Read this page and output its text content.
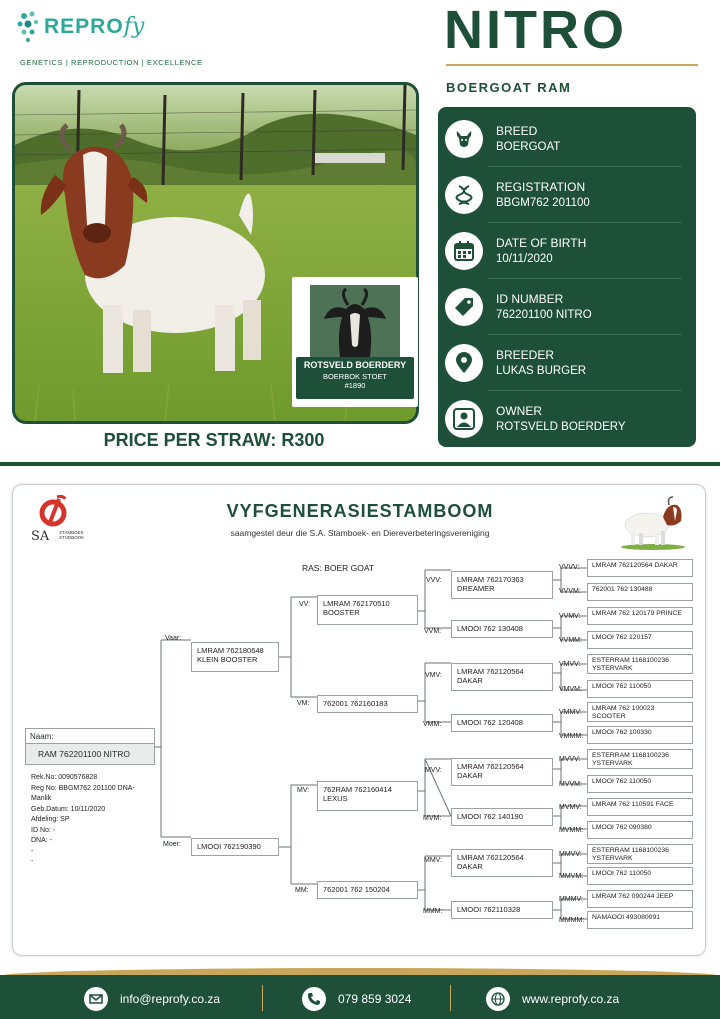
REPROfy
GENETICS | REPRODUCTION | EXCELLENCE
NITRO
BOERGOAT RAM
ROTSVELD BOERDERY
BOERBOK STOET
#1890
PRICE PER STRAW: R300
BREED
BOERGOAT
REGISTRATION
BBGM762 201100
DATE OF BIRTH
10/11/2020
ID NUMBER
762201100 NITRO
BREEDER
LUKAS BURGER
OWNER
ROTSVELD BOERDERY
SA STAMBOEK STUDBOOK
VYFGENERASIESTAMBOOM
saamgestel deur die S.A. Stamboek- en Diereverbeteringsvereniging
RAS: BOER GOAT
Naam:
RAM 762201100 NITRO
Rek.No: 0090576828
Reg No: BBGM762 201100 DNA-
Manlik
Geb.Datum: 10/11/2020
Afdeling: SP
ID No: -
DNA: -
-
-
Vaar:
LMRAM 762180648
KLEIN BOOSTER
Moer:	LMOOI 762190390
VV:	LMRAM 762170510
BOOSTER
VM:	762001 762160183
MV:	762RAM 762160414
LEXUS
MM:	762001 762 150204
VVV:	LMRAM 762170363
DREAMER
VVM:	LMOOI 762 130408
VMV:	LMRAM 762120564
DAKAR
VMM:	LMOOI 762 120408
MVV:	LMRAM 762120564
DAKAR
MVM:	LMOOI 762 140190
MMV:	LMRAM 762120564
DAKAR
MMM:	LMOOI 762110328
VVVV:	LMRAM 762120564 DAKAR
VVVM:	762001 762 130488
VVMV:	LMRAM 762 120179 PRINCE
VVMM:	LMOOI 762 120157
VMVV:
ESTERRAM 1168100236
YSTERVARK
VMVM:	LMOOI 762 110050
VMMV:
LMRAM 762 100023
SCOOTER
VMMM:
LMOOI 762 100330
MVVV:
ESTERRAM 1168100236
YSTERVARK
MVVM:	LMOOI 762 110050
MVMV:	LMRAM 762 110591 FACE
MVMM:	LMOOI 762 090380
MMVV:
ESTERRAM 1168100236
YSTERVARK
MMVM:	LMOOI 762 110050
MMMV:	LMRAM 762 090244 JEEP
MMMM:	NAMAOOI 493080091
info@reprofy.co.za	079 859 3024	www.reprofy.co.za
